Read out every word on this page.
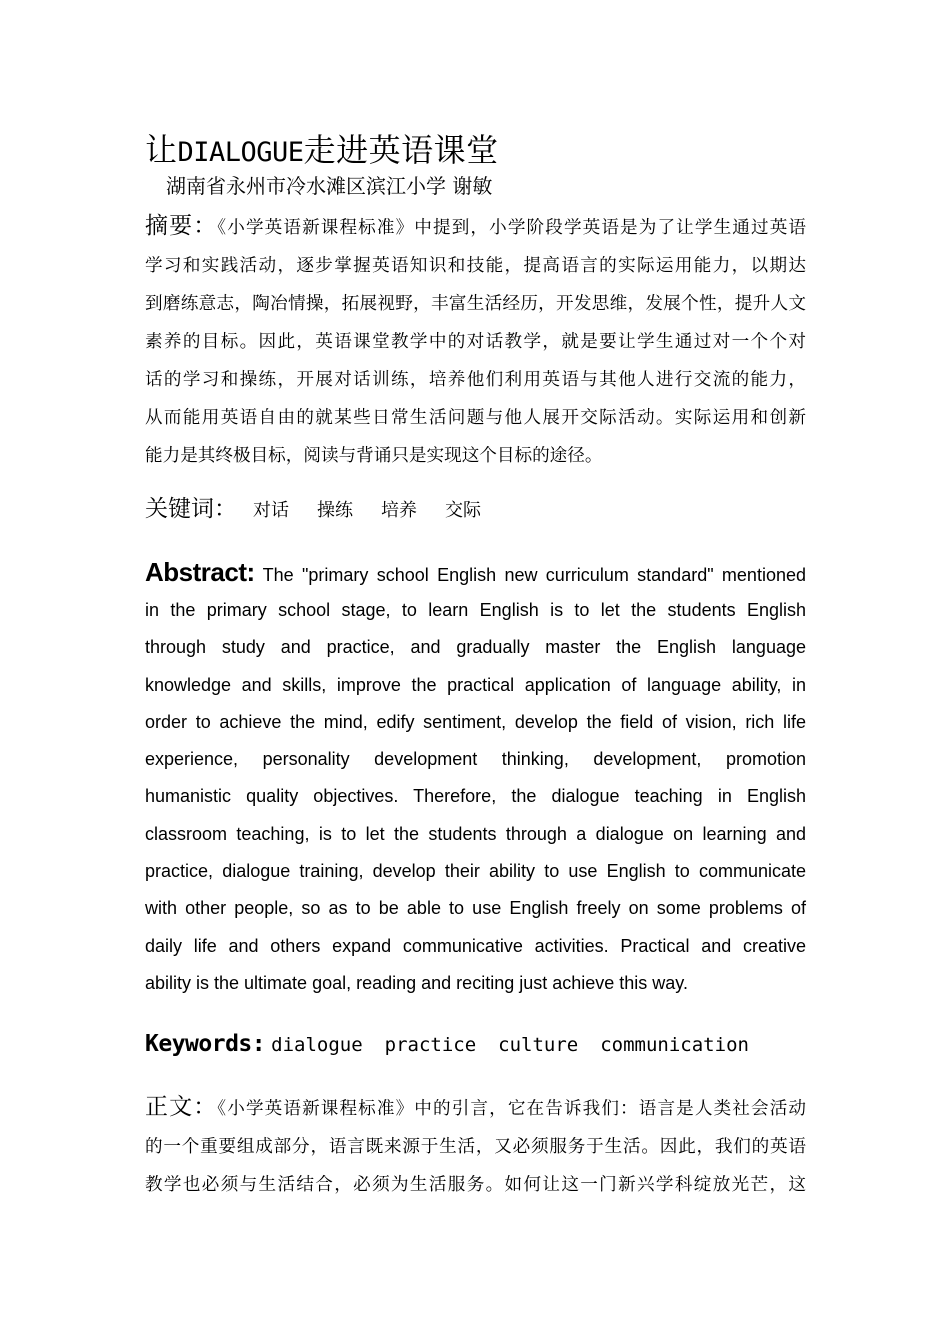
让DIALOGUE走进英语课堂
湖南省永州市冷水滩区滨江小学 谢敏
摘要：《小学英语新课程标准》中提到，小学阶段学英语是为了让学生通过英语
学习和实践活动，逐步掌握英语知识和技能，提高语言的实际运用能力，以期达
到磨练意志，陶冶情操，拓展视野，丰富生活经历，开发思维，发展个性，提升人文
素养的目标。因此，英语课堂教学中的对话教学，就是要让学生通过对一个个对
话的学习和操练，开展对话训练，培养他们利用英语与其他人进行交流的能力，
从而能用英语自由的就某些日常生活问题与他人展开交际活动。实际运用和创新
能力是其终极目标，阅读与背诵只是实现这个目标的途径。
关键词： 对话 操练 培养 交际
Abstract: The "primary school English new curriculum standard" mentioned
in the primary school stage, to learn English is to let the students English
through study and practice, and gradually master the English language
knowledge and skills, improve the practical application of language ability, in
order to achieve the mind, edify sentiment, develop the field of vision, rich life
experience, personality development thinking, development, promotion
humanistic quality objectives. Therefore, the dialogue teaching in English
classroom teaching, is to let the students through a dialogue on learning and
practice, dialogue training, develop their ability to use English to communicate
with other people, so as to be able to use English freely on some problems of
daily life and others expand communicative activities. Practical and creative
ability is the ultimate goal, reading and reciting just achieve this way.
Keywords: dialogue practice culture communication
正文：《小学英语新课程标准》中的引言，它在告诉我们：语言是人类社会活动
的一个重要组成部分，语言既来源于生活，又必须服务于生活。因此，我们的英语
教学也必须与生活结合，必须为生活服务。如何让这一门新兴学科绽放光芒，这
